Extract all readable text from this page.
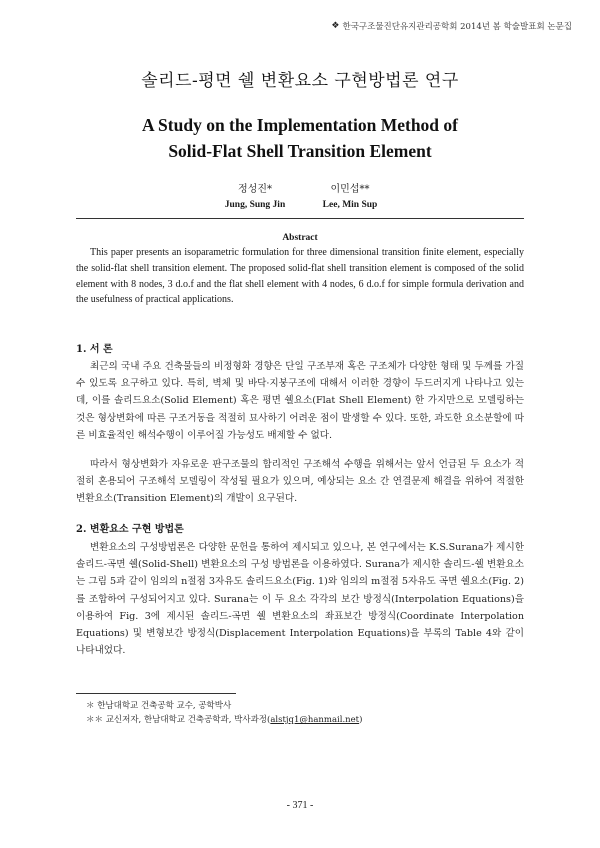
❖ 한국구조물진단유지관리공학회 2014년 봄 학술발표회 논문집
솔리드-평면 쉘 변환요소 구현방법론 연구
A Study on the Implementation Method of
Solid-Flat Shell Transition Element
정성진*
Jung, Sung Jin
이민섭**
Lee, Min Sup
Abstract
This paper presents an isoparametric formulation for three dimensional transition finite element, especially the solid-flat shell transition element. The proposed solid-flat shell transition element is composed of the solid element with 8 nodes, 3 d.o.f and the flat shell element with 4 nodes, 6 d.o.f for simple formula derivation and the usefulness of practical applications.
1. 서 론
최근의 국내 주요 건축물들의 비정형화 경향은 단일 구조부재 혹은 구조체가 다양한 형태 및 두께를 가질 수 있도록 요구하고 있다. 특히, 벽체 및 바닥·지붕구조에 대해서 이러한 경향이 두드러지게 나타나고 있는데, 이를 솔리드요소(Solid Element) 혹은 평면 쉘요소(Flat Shell Element) 한 가지만으로 모델링하는 것은 형상변화에 따른 구조거동을 적절히 묘사하기 어려운 점이 발생할 수 있다. 또한, 과도한 요소분할에 따른 비효율적인 해석수행이 이루어질 가능성도 배제할 수 없다.
따라서 형상변화가 자유로운 판구조물의 합리적인 구조해석 수행을 위해서는 앞서 언급된 두 요소가 적절히 혼용되어 구조해석 모델링이 작성될 필요가 있으며, 예상되는 요소 간 연결문제 해결을 위하여 적절한 변환요소(Transition Element)의 개발이 요구된다.
2. 변환요소 구현 방법론
변환요소의 구성방법론은 다양한 문헌을 통하여 제시되고 있으나, 본 연구에서는 K.S.Surana가 제시한 솔리드-곡면 쉘(Solid-Shell) 변환요소의 구성 방법론을 이용하였다. Surana가 제시한 솔리드-쉘 변환요소는 그림 5과 같이 임의의 n절점 3자유도 솔리드요소(Fig. 1)와 임의의 m절점 5자유도 곡면 쉘요소(Fig. 2)를 조합하여 구성되어지고 있다. Surana는 이 두 요소 각각의 보간 방정식(Interpolation Equations)을 이용하여 Fig. 3에 제시된 솔리드-곡면 쉘 변환요소의 좌표보간 방정식(Coordinate Interpolation Equations) 및 변형보간 방정식(Displacement Interpolation Equations)을 부록의 Table 4와 같이 나타내었다.
＊ 한남대학교 건축공학 교수, 공학박사
＊＊ 교신저자, 한남대학교 건축공학과, 박사과정(alstjq1@hanmail.net)
- 371 -
